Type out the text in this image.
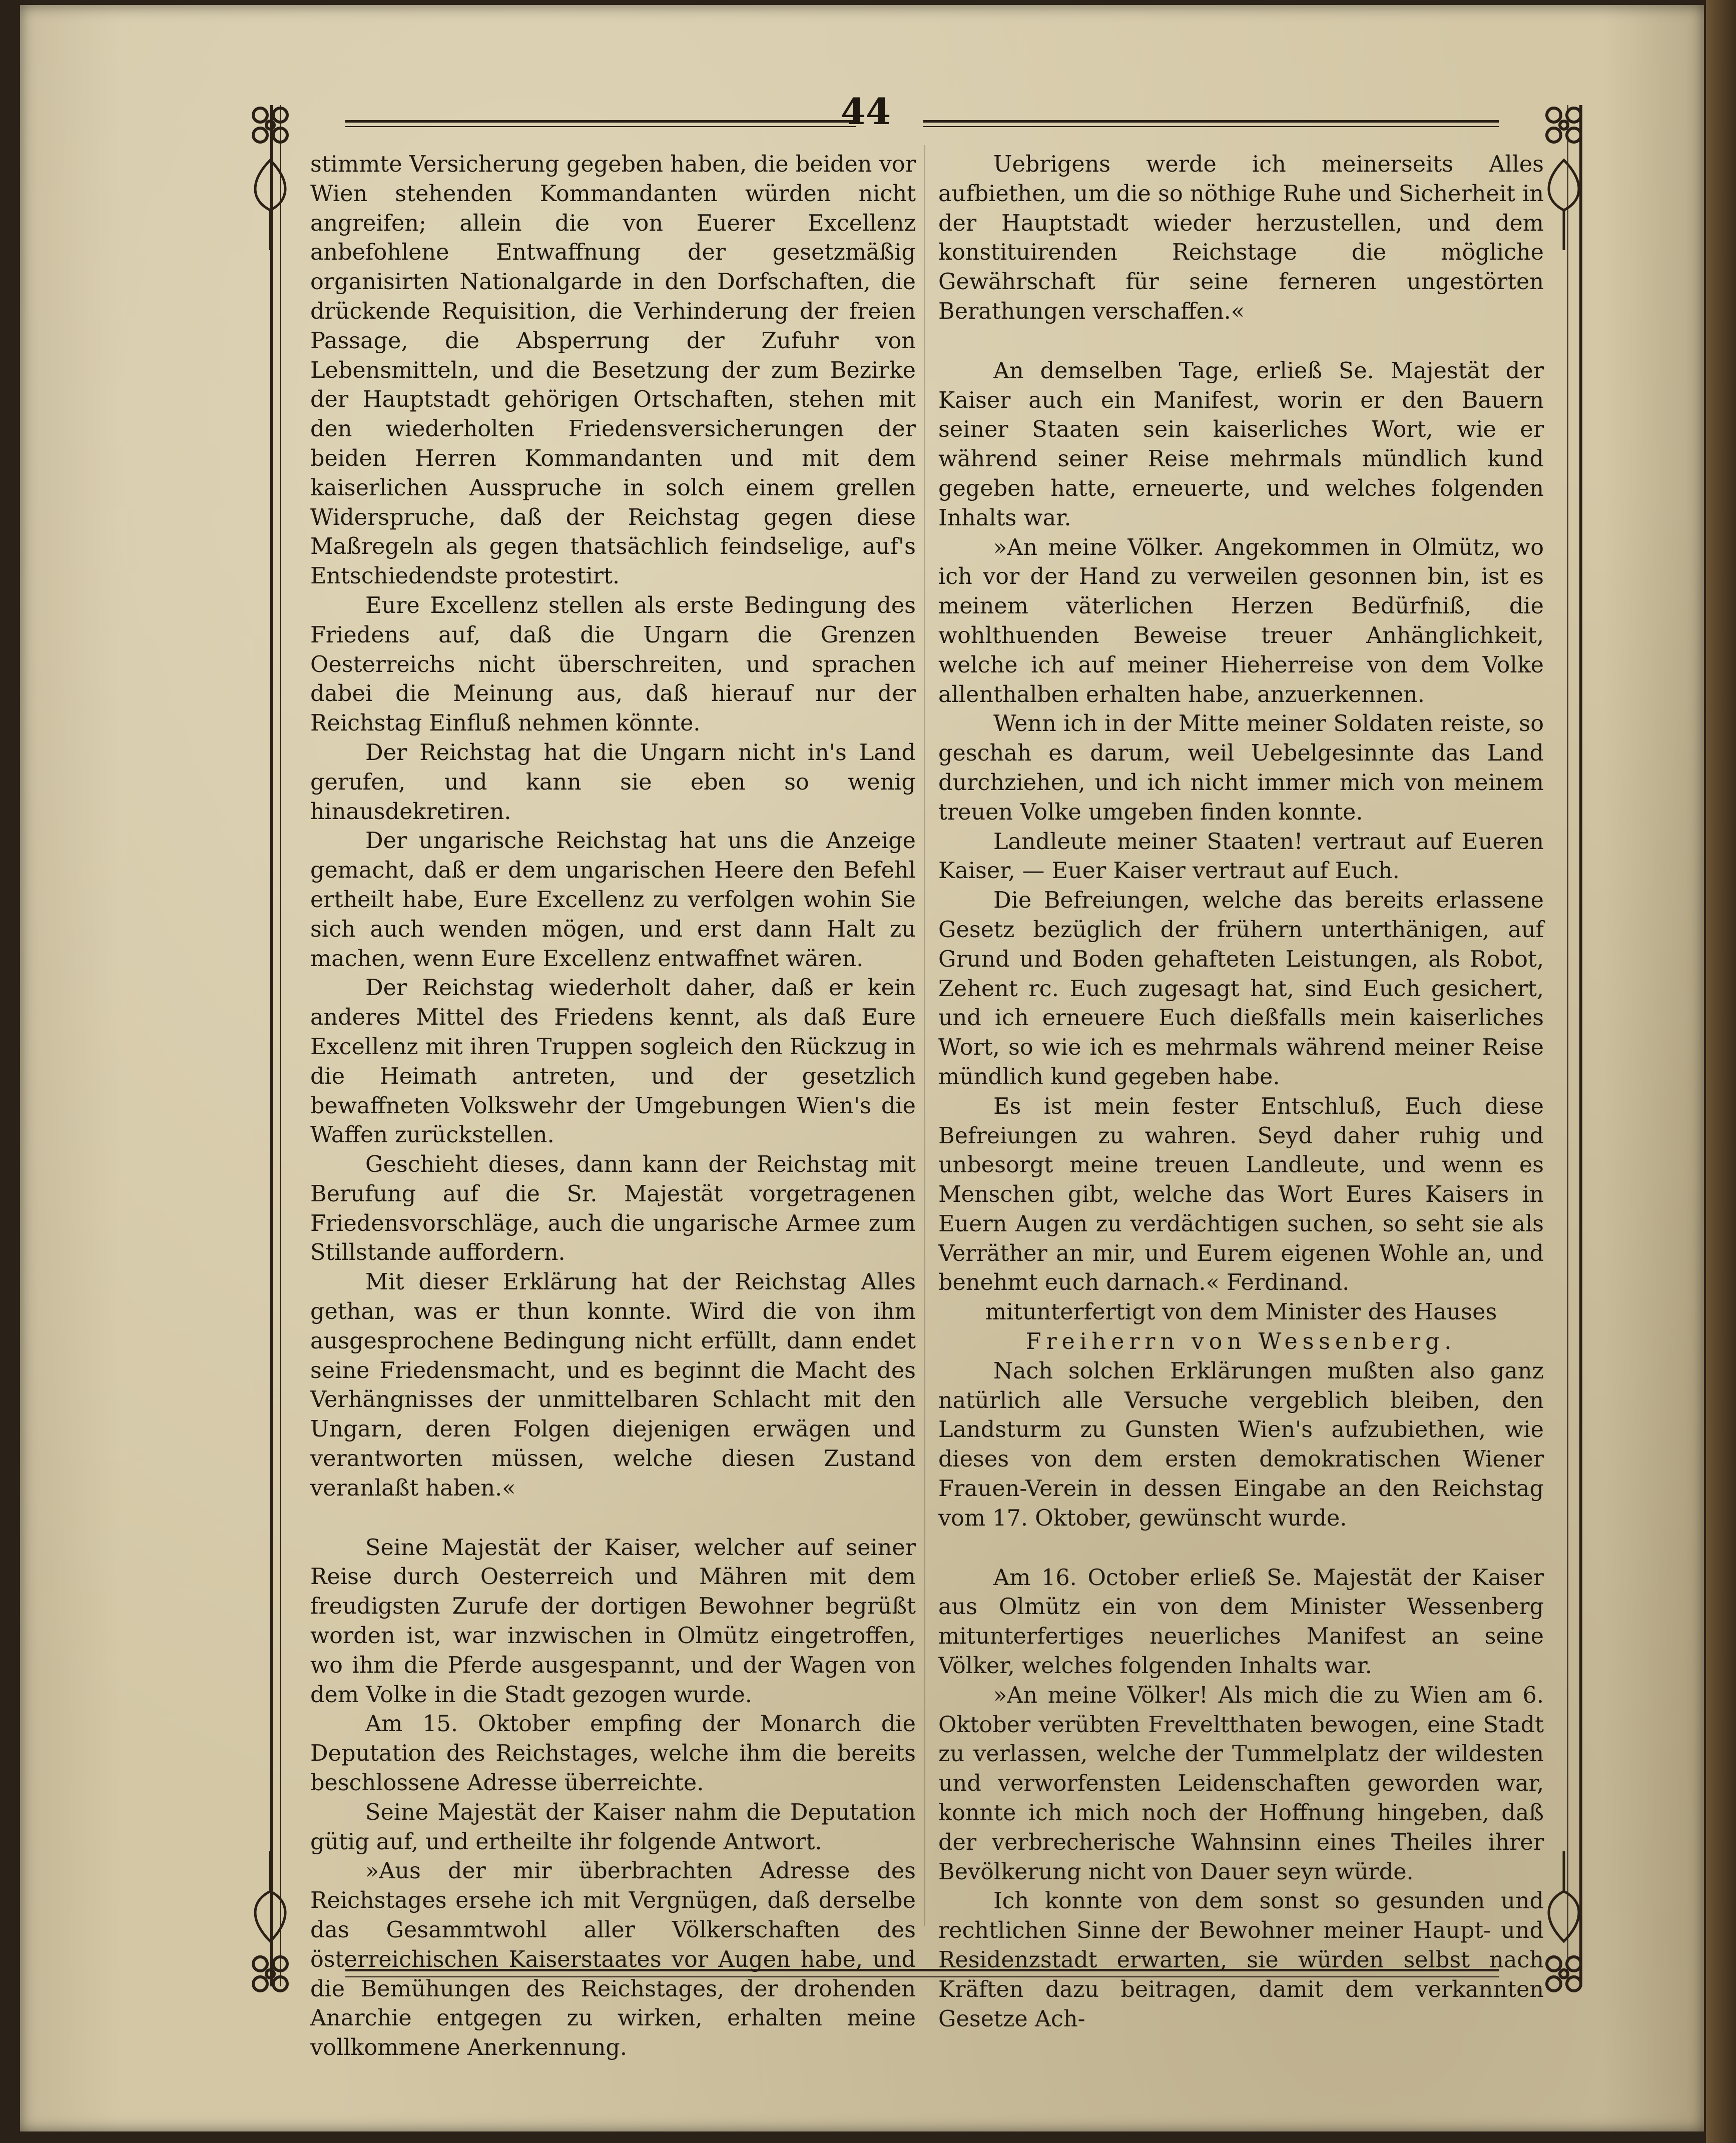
44

stimmte Versicherung gegeben haben, die beiden vor Wien stehenden Kommandanten würden nicht angreifen; allein die von Euerer Excellenz anbefohlene Entwaffnung der gesetzmäßig organisirten Nationalgarde in den Dorfschaften, die drückende Requisition, die Verhinderung der freien Passage, die Absperrung der Zufuhr von Lebensmitteln, und die Besetzung der zum Bezirke der Hauptstadt gehörigen Ortschaften, stehen mit den wiederholten Friedensversicherungen der beiden Herren Kommandanten und mit dem kaiserlichen Ausspruche in solch einem grellen Widerspruche, daß der Reichstag gegen diese Maßregeln als gegen thatsächlich feindselige, auf's Entschiedendste protestirt.

Eure Excellenz stellen als erste Bedingung des Friedens auf, daß die Ungarn die Grenzen Oesterreichs nicht überschreiten, und sprachen dabei die Meinung aus, daß hierauf nur der Reichstag Einfluß nehmen könnte.

Der Reichstag hat die Ungarn nicht in's Land gerufen, und kann sie eben so wenig hinausdekretiren.

Der ungarische Reichstag hat uns die Anzeige gemacht, daß er dem ungarischen Heere den Befehl ertheilt habe, Eure Excellenz zu verfolgen wohin Sie sich auch wenden mögen, und erst dann Halt zu machen, wenn Eure Excellenz entwaffnet wären.

Der Reichstag wiederholt daher, daß er kein anderes Mittel des Friedens kennt, als daß Eure Excellenz mit ihren Truppen sogleich den Rückzug in die Heimath antreten, und der gesetzlich bewaffneten Volkswehr der Umgebungen Wien's die Waffen zurückstellen.

Geschieht dieses, dann kann der Reichstag mit Berufung auf die Sr. Majestät vorgetragenen Friedensvorschläge, auch die ungarische Armee zum Stillstande auffordern.

Mit dieser Erklärung hat der Reichstag Alles gethan, was er thun konnte. Wird die von ihm ausgesprochene Bedingung nicht erfüllt, dann endet seine Friedensmacht, und es beginnt die Macht des Verhängnisses der unmittelbaren Schlacht mit den Ungarn, deren Folgen diejenigen erwägen und verantworten müssen, welche diesen Zustand veranlaßt haben.«

Seine Majestät der Kaiser, welcher auf seiner Reise durch Oesterreich und Mähren mit dem freudigsten Zurufe der dortigen Bewohner begrüßt worden ist, war inzwischen in Olmütz eingetroffen, wo ihm die Pferde ausgespannt, und der Wagen von dem Volke in die Stadt gezogen wurde.

Am 15. Oktober empfing der Monarch die Deputation des Reichstages, welche ihm die bereits beschlossene Adresse überreichte.

Seine Majestät der Kaiser nahm die Deputation gütig auf, und ertheilte ihr folgende Antwort.

»Aus der mir überbrachten Adresse des Reichstages ersehe ich mit Vergnügen, daß derselbe das Gesammtwohl aller Völkerschaften des österreichischen Kaiserstaates vor Augen habe, und die Bemühungen des Reichstages, der drohenden Anarchie entgegen zu wirken, erhalten meine vollkommene Anerkennung.

Uebrigens werde ich meinerseits Alles aufbiethen, um die so nöthige Ruhe und Sicherheit in der Hauptstadt wieder herzustellen, und dem konstituirenden Reichstage die mögliche Gewährschaft für seine ferneren ungestörten Berathungen verschaffen.«

An demselben Tage, erließ Se. Majestät der Kaiser auch ein Manifest, worin er den Bauern seiner Staaten sein kaiserliches Wort, wie er während seiner Reise mehrmals mündlich kund gegeben hatte, erneuerte, und welches folgenden Inhalts war.

»An meine Völker. Angekommen in Olmütz, wo ich vor der Hand zu verweilen gesonnen bin, ist es meinem väterlichen Herzen Bedürfniß, die wohlthuenden Beweise treuer Anhänglichkeit, welche ich auf meiner Hieherreise von dem Volke allenthalben erhalten habe, anzuerkennen.

Wenn ich in der Mitte meiner Soldaten reiste, so geschah es darum, weil Uebelgesinnte das Land durchziehen, und ich nicht immer mich von meinem treuen Volke umgeben finden konnte.

Landleute meiner Staaten! vertraut auf Eueren Kaiser, — Euer Kaiser vertraut auf Euch.

Die Befreiungen, welche das bereits erlassene Gesetz bezüglich der frühern unterthänigen, auf Grund und Boden gehafteten Leistungen, als Robot, Zehent rc. Euch zugesagt hat, sind Euch gesichert, und ich erneuere Euch dießfalls mein kaiserliches Wort, so wie ich es mehrmals während meiner Reise mündlich kund gegeben habe.

Es ist mein fester Entschluß, Euch diese Befreiungen zu wahren. Seyd daher ruhig und unbesorgt meine treuen Landleute, und wenn es Menschen gibt, welche das Wort Eures Kaisers in Euern Augen zu verdächtigen suchen, so seht sie als Verräther an mir, und Eurem eigenen Wohle an, und benehmt euch darnach.« Ferdinand.

mitunterfertigt von dem Minister des Hauses

Freiherrn von Wessenberg.

Nach solchen Erklärungen mußten also ganz natürlich alle Versuche vergeblich bleiben, den Landsturm zu Gunsten Wien's aufzubiethen, wie dieses von dem ersten demokratischen Wiener Frauen-Verein in dessen Eingabe an den Reichstag vom 17. Oktober, gewünscht wurde.

Am 16. October erließ Se. Majestät der Kaiser aus Olmütz ein von dem Minister Wessenberg mitunterfertiges neuerliches Manifest an seine Völker, welches folgenden Inhalts war.

»An meine Völker! Als mich die zu Wien am 6. Oktober verübten Freveltthaten bewogen, eine Stadt zu verlassen, welche der Tummelplatz der wildesten und verworfensten Leidenschaften geworden war, konnte ich mich noch der Hoffnung hingeben, daß der verbrecherische Wahnsinn eines Theiles ihrer Bevölkerung nicht von Dauer seyn würde.

Ich konnte von dem sonst so gesunden und rechtlichen Sinne der Bewohner meiner Haupt- und Residenzstadt erwarten, sie würden selbst nach Kräften dazu beitragen, damit dem verkannten Gesetze Ach-
